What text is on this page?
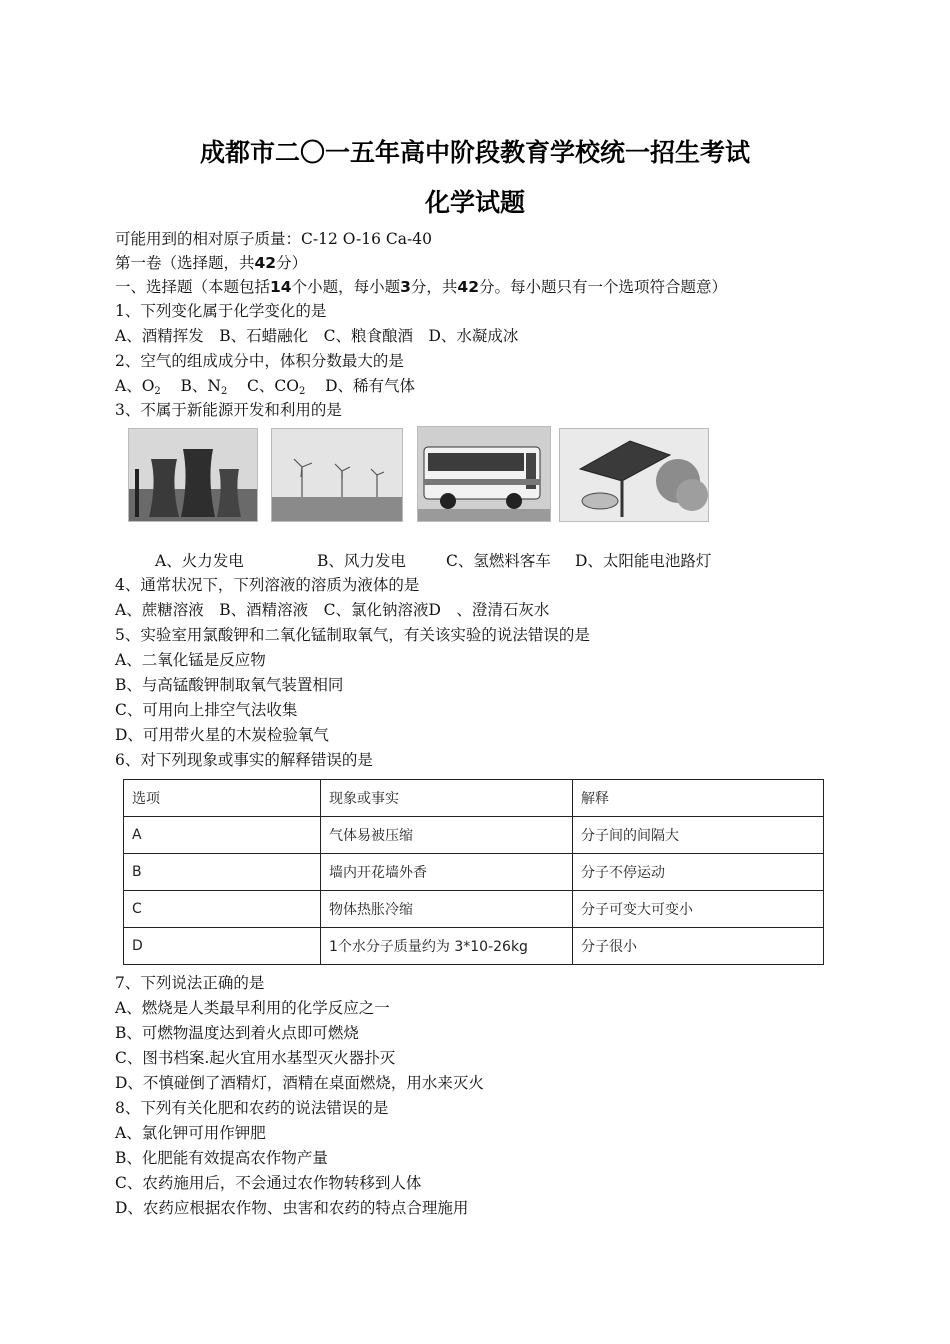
成都市二〇一五年高中阶段教育学校统一招生考试
化学试题
可能用到的相对原子质量：C-12 O-16 Ca-40
第一卷（选择题，共42分）
一、选择题（本题包括14个小题，每小题3分，共42分。每小题只有一个选项符合题意）
1、下列变化属于化学变化的是
A、酒精挥发　B、石蜡融化　C、粮食酿酒　D、水凝成冰
2、空气的组成成分中，体积分数最大的是
A、$O_2$ B、$N_2$ C、$CO_2$ D、稀有气体
3、不属于新能源开发和利用的是
A、火力发电	B、风力发电	C、氢燃料客车 D、太阳能电池路灯
4、通常状况下，下列溶液的溶质为液体的是
A、蔗糖溶液　B、酒精溶液　C、氯化钠溶液D　、澄清石灰水
5、实验室用氯酸钾和二氧化锰制取氧气，有关该实验的说法错误的是
A、二氧化锰是反应物
B、与高锰酸钾制取氧气装置相同
C、可用向上排空气法收集
D、可用带火星的木炭检验氧气
6、对下列现象或事实的解释错误的是
选项	现象或事实	解释
A	气体易被压缩	分子间的间隔大
B	墙内开花墙外香	分子不停运动
C	物体热胀冷缩	分子可变大可变小
D	1个水分子质量约为 3*10-26kg	分子很小
7、下列说法正确的是
A、燃烧是人类最早利用的化学反应之一
B、可燃物温度达到着火点即可燃烧
C、图书档案.起火宜用水基型灭火器扑灭
D、不慎碰倒了酒精灯，酒精在桌面燃烧，用水来灭火
8、下列有关化肥和农药的说法错误的是
A、氯化钾可用作钾肥
B、化肥能有效提高农作物产量
C、农药施用后，不会通过农作物转移到人体
D、农药应根据农作物、虫害和农药的特点合理施用
